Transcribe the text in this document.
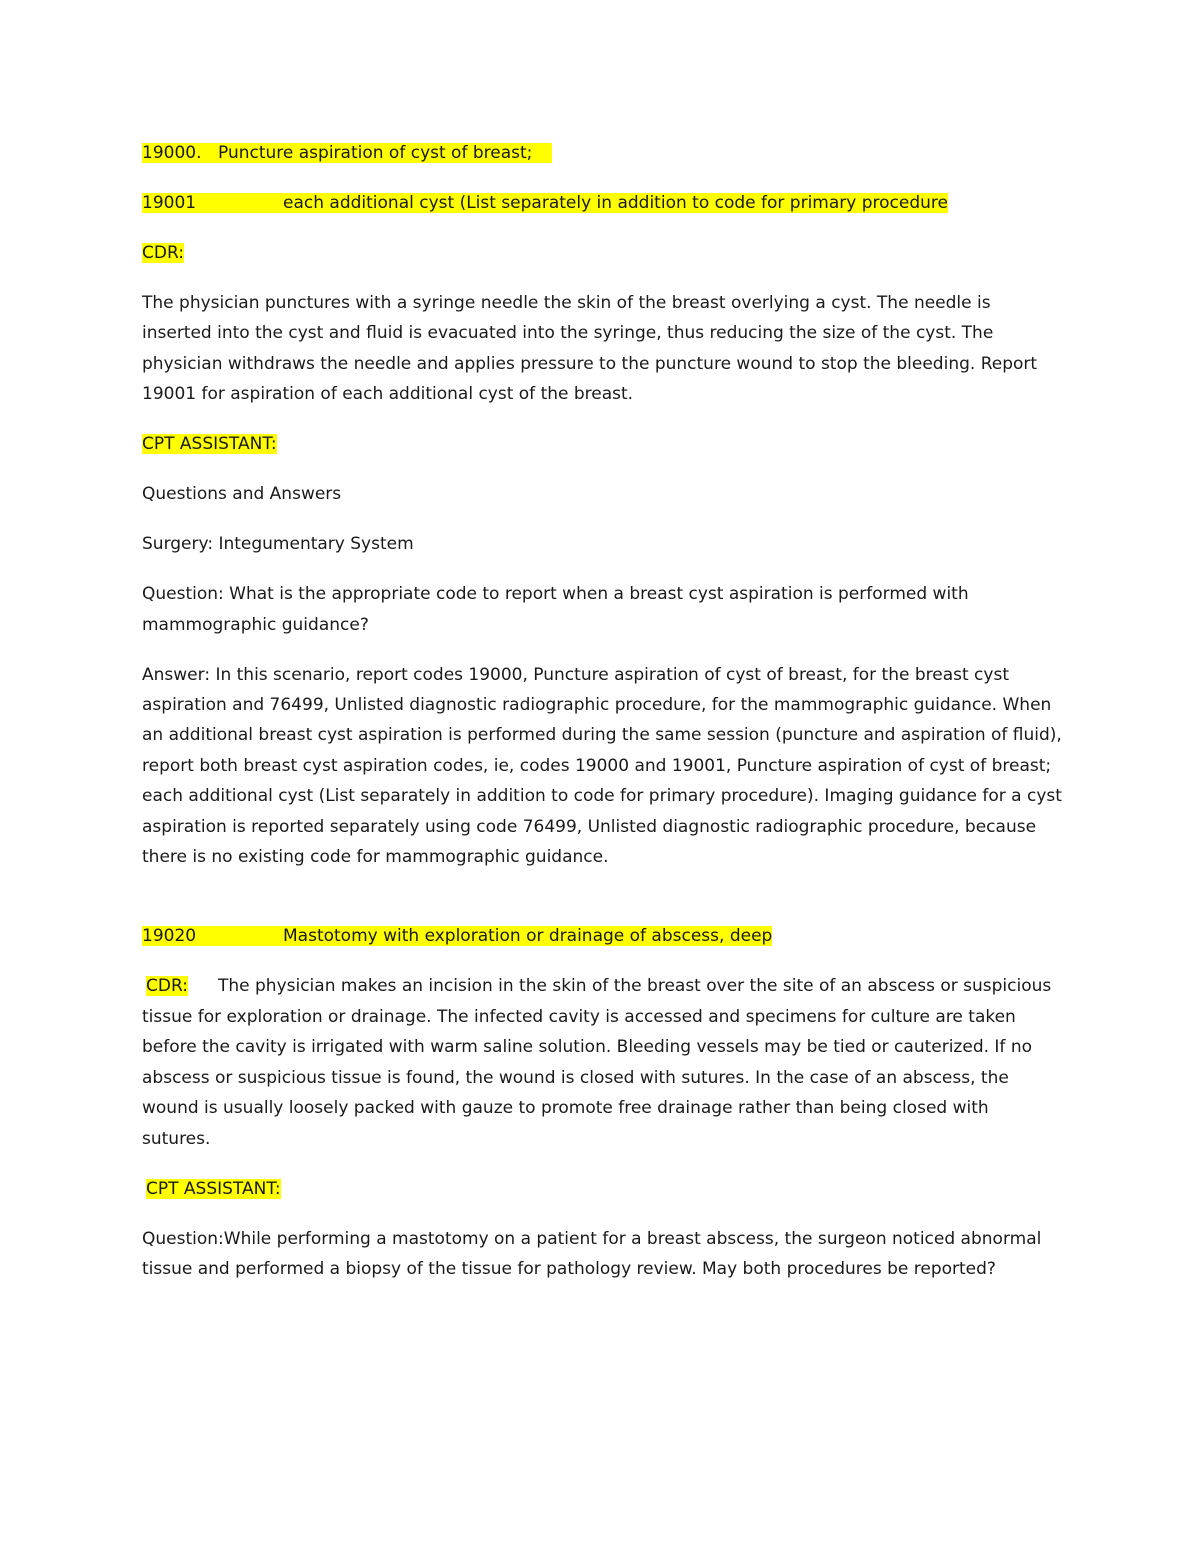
19000. Puncture aspiration of cyst of breast;

19001	each additional cyst (List separately in addition to code for primary procedure

CDR:

The physician punctures with a syringe needle the skin of the breast overlying a cyst. The needle is inserted into the cyst and fluid is evacuated into the syringe, thus reducing the size of the cyst. The physician withdraws the needle and applies pressure to the puncture wound to stop the bleeding. Report 19001 for aspiration of each additional cyst of the breast.

CPT ASSISTANT:

Questions and Answers

Surgery: Integumentary System

Question: What is the appropriate code to report when a breast cyst aspiration is performed with mammographic guidance?

Answer: In this scenario, report codes 19000, Puncture aspiration of cyst of breast, for the breast cyst aspiration and 76499, Unlisted diagnostic radiographic procedure, for the mammographic guidance. When an additional breast cyst aspiration is performed during the same session (puncture and aspiration of fluid), report both breast cyst aspiration codes, ie, codes 19000 and 19001, Puncture aspiration of cyst of breast; each additional cyst (List separately in addition to code for primary procedure). Imaging guidance for a cyst aspiration is reported separately using code 76499, Unlisted diagnostic radiographic procedure, because there is no existing code for mammographic guidance.

19020	Mastotomy with exploration or drainage of abscess, deep

CDR: The physician makes an incision in the skin of the breast over the site of an abscess or suspicious tissue for exploration or drainage. The infected cavity is accessed and specimens for culture are taken before the cavity is irrigated with warm saline solution. Bleeding vessels may be tied or cauterized. If no abscess or suspicious tissue is found, the wound is closed with sutures. In the case of an abscess, the wound is usually loosely packed with gauze to promote free drainage rather than being closed with sutures.

CPT ASSISTANT:

Question:While performing a mastotomy on a patient for a breast abscess, the surgeon noticed abnormal tissue and performed a biopsy of the tissue for pathology review. May both procedures be reported?
